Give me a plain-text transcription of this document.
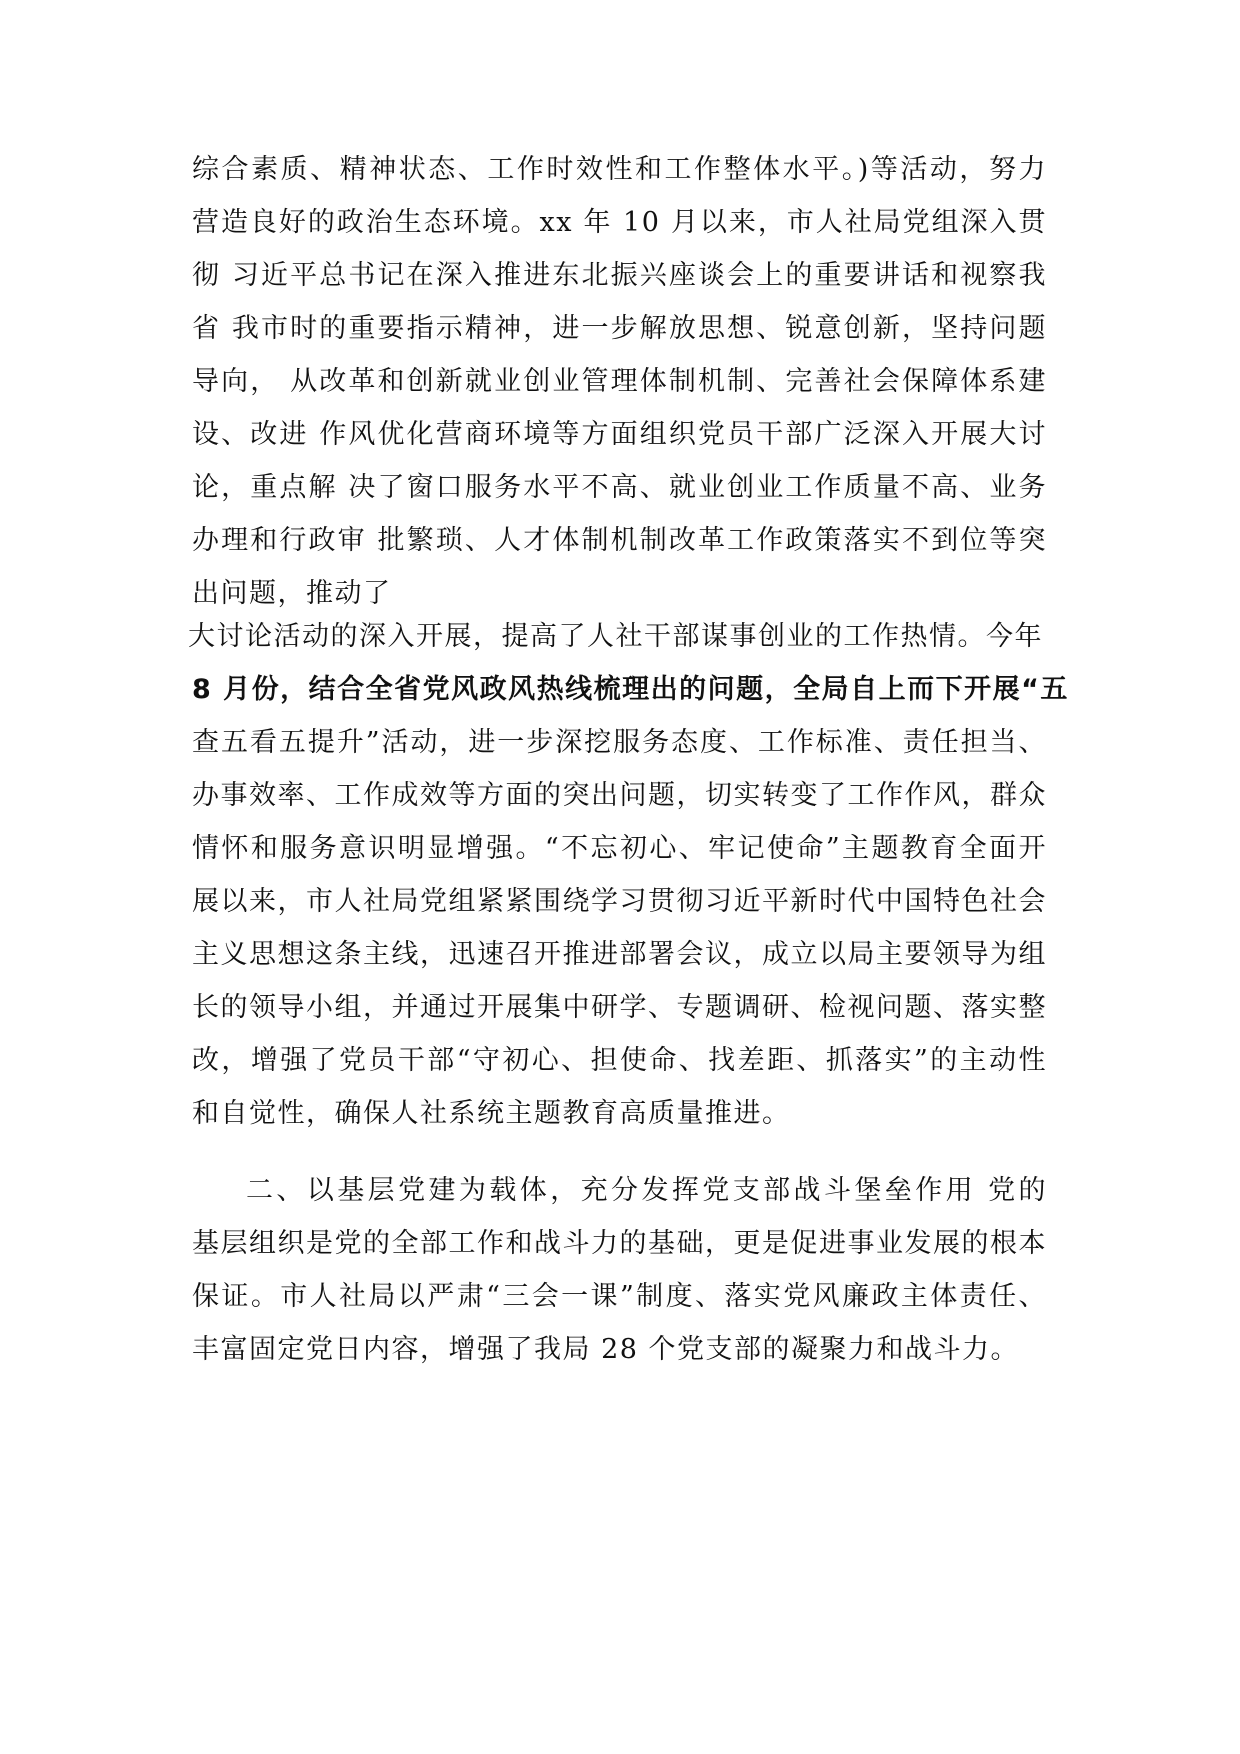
综合素质、精神状态、工作时效性和工作整体水平。)等活动，努力
营造良好的政治生态环境。xx 年 10 月以来，市人社局党组深入贯
彻 习近平总书记在深入推进东北振兴座谈会上的重要讲话和视察我
省 我市时的重要指示精神，进一步解放思想、锐意创新，坚持问题
导向， 从改革和创新就业创业管理体制机制、完善社会保障体系建
设、改进 作风优化营商环境等方面组织党员干部广泛深入开展大讨
论，重点解 决了窗口服务水平不高、就业创业工作质量不高、业务
办理和行政审 批繁琐、人才体制机制改革工作政策落实不到位等突
出问题，推动了
大讨论活动的深入开展，提高了人社干部谋事创业的工作热情。今年
8 月份，结合全省党风政风热线梳理出的问题，全局自上而下开展“五
查五看五提升”活动，进一步深挖服务态度、工作标准、责任担当、
办事效率、工作成效等方面的突出问题，切实转变了工作作风，群众
情怀和服务意识明显增强。“不忘初心、牢记使命”主题教育全面开
展以来，市人社局党组紧紧围绕学习贯彻习近平新时代中国特色社会
主义思想这条主线，迅速召开推进部署会议，成立以局主要领导为组
长的领导小组，并通过开展集中研学、专题调研、检视问题、落实整
改，增强了党员干部“守初心、担使命、找差距、抓落实”的主动性
和自觉性，确保人社系统主题教育高质量推进。
二、以基层党建为载体，充分发挥党支部战斗堡垒作用 党的
基层组织是党的全部工作和战斗力的基础，更是促进事业发展的根本
保证。市人社局以严肃“三会一课”制度、落实党风廉政主体责任、
丰富固定党日内容，增强了我局 28 个党支部的凝聚力和战斗力。
